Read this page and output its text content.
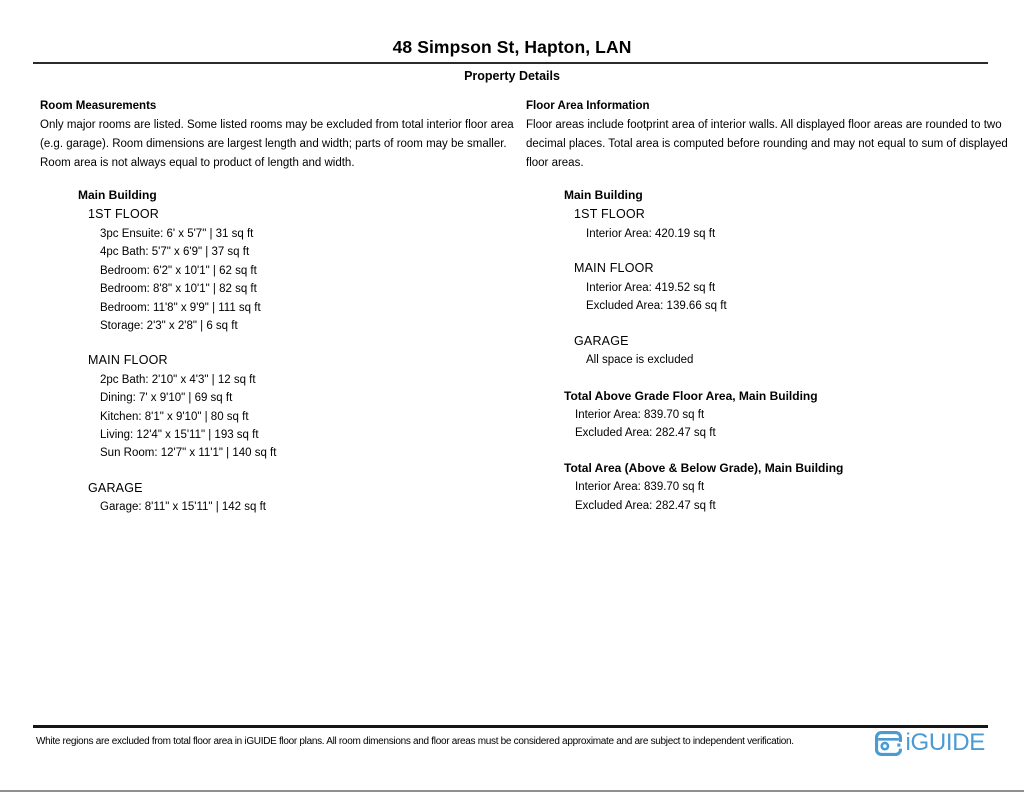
48 Simpson St, Hapton, LAN
Property Details
Room Measurements
Only major rooms are listed. Some listed rooms may be excluded from total interior floor area
(e.g. garage). Room dimensions are largest length and width; parts of room may be smaller.
Room area is not always equal to product of length and width.
Main Building
1ST FLOOR
3pc Ensuite: 6' x 5'7" | 31 sq ft
4pc Bath: 5'7" x 6'9" | 37 sq ft
Bedroom: 6'2" x 10'1" | 62 sq ft
Bedroom: 8'8" x 10'1" | 82 sq ft
Bedroom: 11'8" x 9'9" | 111 sq ft
Storage: 2'3" x 2'8" | 6 sq ft
MAIN FLOOR
2pc Bath: 2'10" x 4'3" | 12 sq ft
Dining: 7' x 9'10" | 69 sq ft
Kitchen: 8'1" x 9'10" | 80 sq ft
Living: 12'4" x 15'11" | 193 sq ft
Sun Room: 12'7" x 11'1" | 140 sq ft
GARAGE
Garage: 8'11" x 15'11" | 142 sq ft
Floor Area Information
Floor areas include footprint area of interior walls. All displayed floor areas are rounded to two
decimal places. Total area is computed before rounding and may not equal to sum of displayed
floor areas.
Main Building
1ST FLOOR
Interior Area: 420.19 sq ft
MAIN FLOOR
Interior Area: 419.52 sq ft
Excluded Area: 139.66 sq ft
GARAGE
All space is excluded
Total Above Grade Floor Area, Main Building
Interior Area: 839.70 sq ft
Excluded Area: 282.47 sq ft
Total Area (Above & Below Grade), Main Building
Interior Area: 839.70 sq ft
Excluded Area: 282.47 sq ft
White regions are excluded from total floor area in iGUIDE floor plans. All room dimensions and floor areas must be considered approximate and are subject to independent verification.	iGUIDE
